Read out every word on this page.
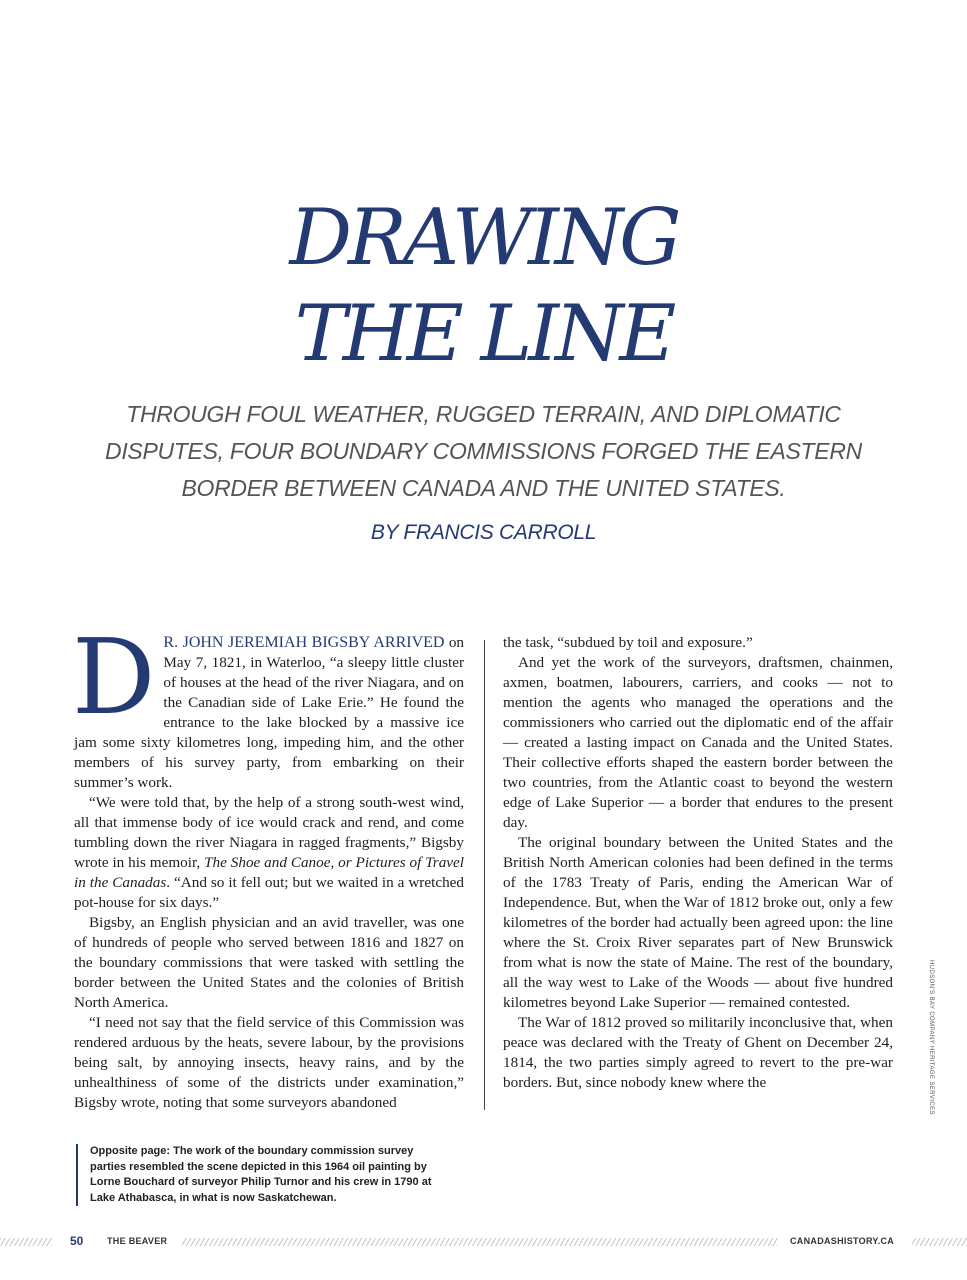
DRAWING
THE LINE

THROUGH FOUL WEATHER, RUGGED TERRAIN, AND DIPLOMATIC DISPUTES, FOUR BOUNDARY COMMISSIONS FORGED THE EASTERN BORDER BETWEEN CANADA AND THE UNITED STATES.

BY FRANCIS CARROLL

D R. JOHN JEREMIAH BIGSBY ARRIVED on May 7, 1821, in Waterloo, “a sleepy little cluster of houses at the head of the river Niagara, and on the Canadian side of Lake Erie.” He found the entrance to the lake blocked by a massive ice jam some sixty kilometres long, impeding him, and the other members of his survey party, from embarking on their summer’s work.

“We were told that, by the help of a strong south-west wind, all that immense body of ice would crack and rend, and come tumbling down the river Niagara in ragged fragments,” Bigsby wrote in his memoir, The Shoe and Canoe, or Pictures of Travel in the Canadas. “And so it fell out; but we waited in a wretched pot-house for six days.”

Bigsby, an English physician and an avid traveller, was one of hundreds of people who served between 1816 and 1827 on the boundary commissions that were tasked with settling the border between the United States and the colonies of British North America.

“I need not say that the field service of this Commission was rendered arduous by the heats, severe labour, by the provisions being salt, by annoying insects, heavy rains, and by the unhealthiness of some of the districts under examination,” Bigsby wrote, noting that some surveyors abandoned

the task, “subdued by toil and exposure.”

And yet the work of the surveyors, draftsmen, chainmen, axmen, boatmen, labourers, carriers, and cooks — not to mention the agents who managed the operations and the commissioners who carried out the diplomatic end of the affair — created a lasting impact on Canada and the United States. Their collective efforts shaped the eastern border between the two countries, from the Atlantic coast to beyond the western edge of Lake Superior — a border that endures to the present day.

The original boundary between the United States and the British North American colonies had been defined in the terms of the 1783 Treaty of Paris, ending the American War of Independence. But, when the War of 1812 broke out, only a few kilometres of the border had actually been agreed upon: the line where the St. Croix River separates part of New Brunswick from what is now the state of Maine. The rest of the boundary, all the way west to Lake of the Woods — about five hundred kilometres beyond Lake Superior — remained contested.

The War of 1812 proved so militarily inconclusive that, when peace was declared with the Treaty of Ghent on December 24, 1814, the two parties simply agreed to revert to the pre-war borders. But, since nobody knew where the	HUDSON’S BAY COMPANY HERITAGE SERVICES

Opposite page: The work of the boundary commission survey parties resembled the scene depicted in this 1964 oil painting by Lorne Bouchard of surveyor Philip Turnor and his crew in 1790 at Lake Athabasca, in what is now Saskatchewan.

50	THE BEAVER	CANADASHISTORY.CA
